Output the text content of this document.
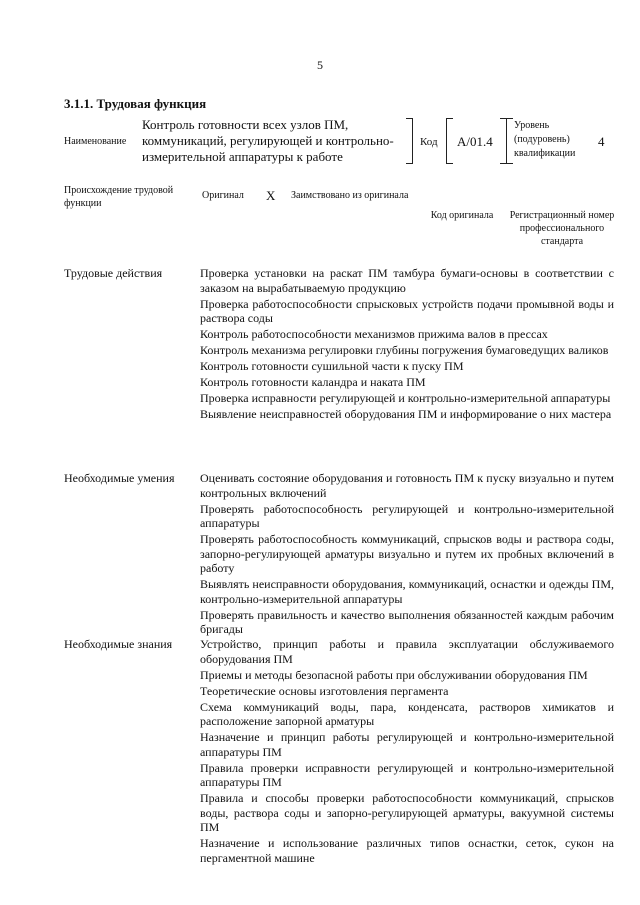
5
3.1.1. Трудовая функция
Наименование
Контроль готовности всех узлов ПМ, коммуникаций, регулирующей и контрольно-измерительной аппаратуры к работе
Код A/01.4
Уровень (подуровень) квалификации
4
Происхождение трудовой функции
Оригинал X Заимствовано из оригинала
Код оригинала	Регистрационный номер профессионального стандарта
Трудовые действия	Проверка установки на раскат ПМ тамбура бумаги-основы в соответствии с заказом на вырабатываемую продукцию

Проверка работоспособности спрысковых устройств подачи промывной воды и раствора соды

Контроль работоспособности механизмов прижима валов в прессах

Контроль механизма регулировки глубины погружения бумаговедущих валиков

Контроль готовности сушильной части к пуску ПМ

Контроль готовности каландра и наката ПМ

Проверка исправности регулирующей и контрольно-измерительной аппаратуры

Выявление неисправностей оборудования ПМ и информирование о них мастера

Необходимые умения Оценивать состояние оборудования и готовность ПМ к пуску визуально и путем контрольных включений

Проверять работоспособность регулирующей и контрольно-измерительной аппаратуры

Проверять работоспособность коммуникаций, спрысков воды и раствора соды, запорно-регулирующей арматуры визуально и путем их пробных включений в работу

Выявлять неисправности оборудования, коммуникаций, оснастки и одежды ПМ, контрольно-измерительной аппаратуры

Проверять правильность и качество выполнения обязанностей каждым рабочим бригады

Необходимые знания Устройство, принцип работы и правила эксплуатации обслуживаемого оборудования ПМ

Приемы и методы безопасной работы при обслуживании оборудования ПМ

Теоретические основы изготовления пергамента

Схема коммуникаций воды, пара, конденсата, растворов химикатов и расположение запорной арматуры

Назначение и принцип работы регулирующей и контрольно-измерительной аппаратуры ПМ

Правила проверки исправности регулирующей и контрольно-измерительной аппаратуры ПМ

Правила и способы проверки работоспособности коммуникаций, спрысков воды, раствора соды и запорно-регулирующей арматуры, вакуумной системы ПМ

Назначение и использование различных типов оснастки, сеток, сукон на пергаментной машине
